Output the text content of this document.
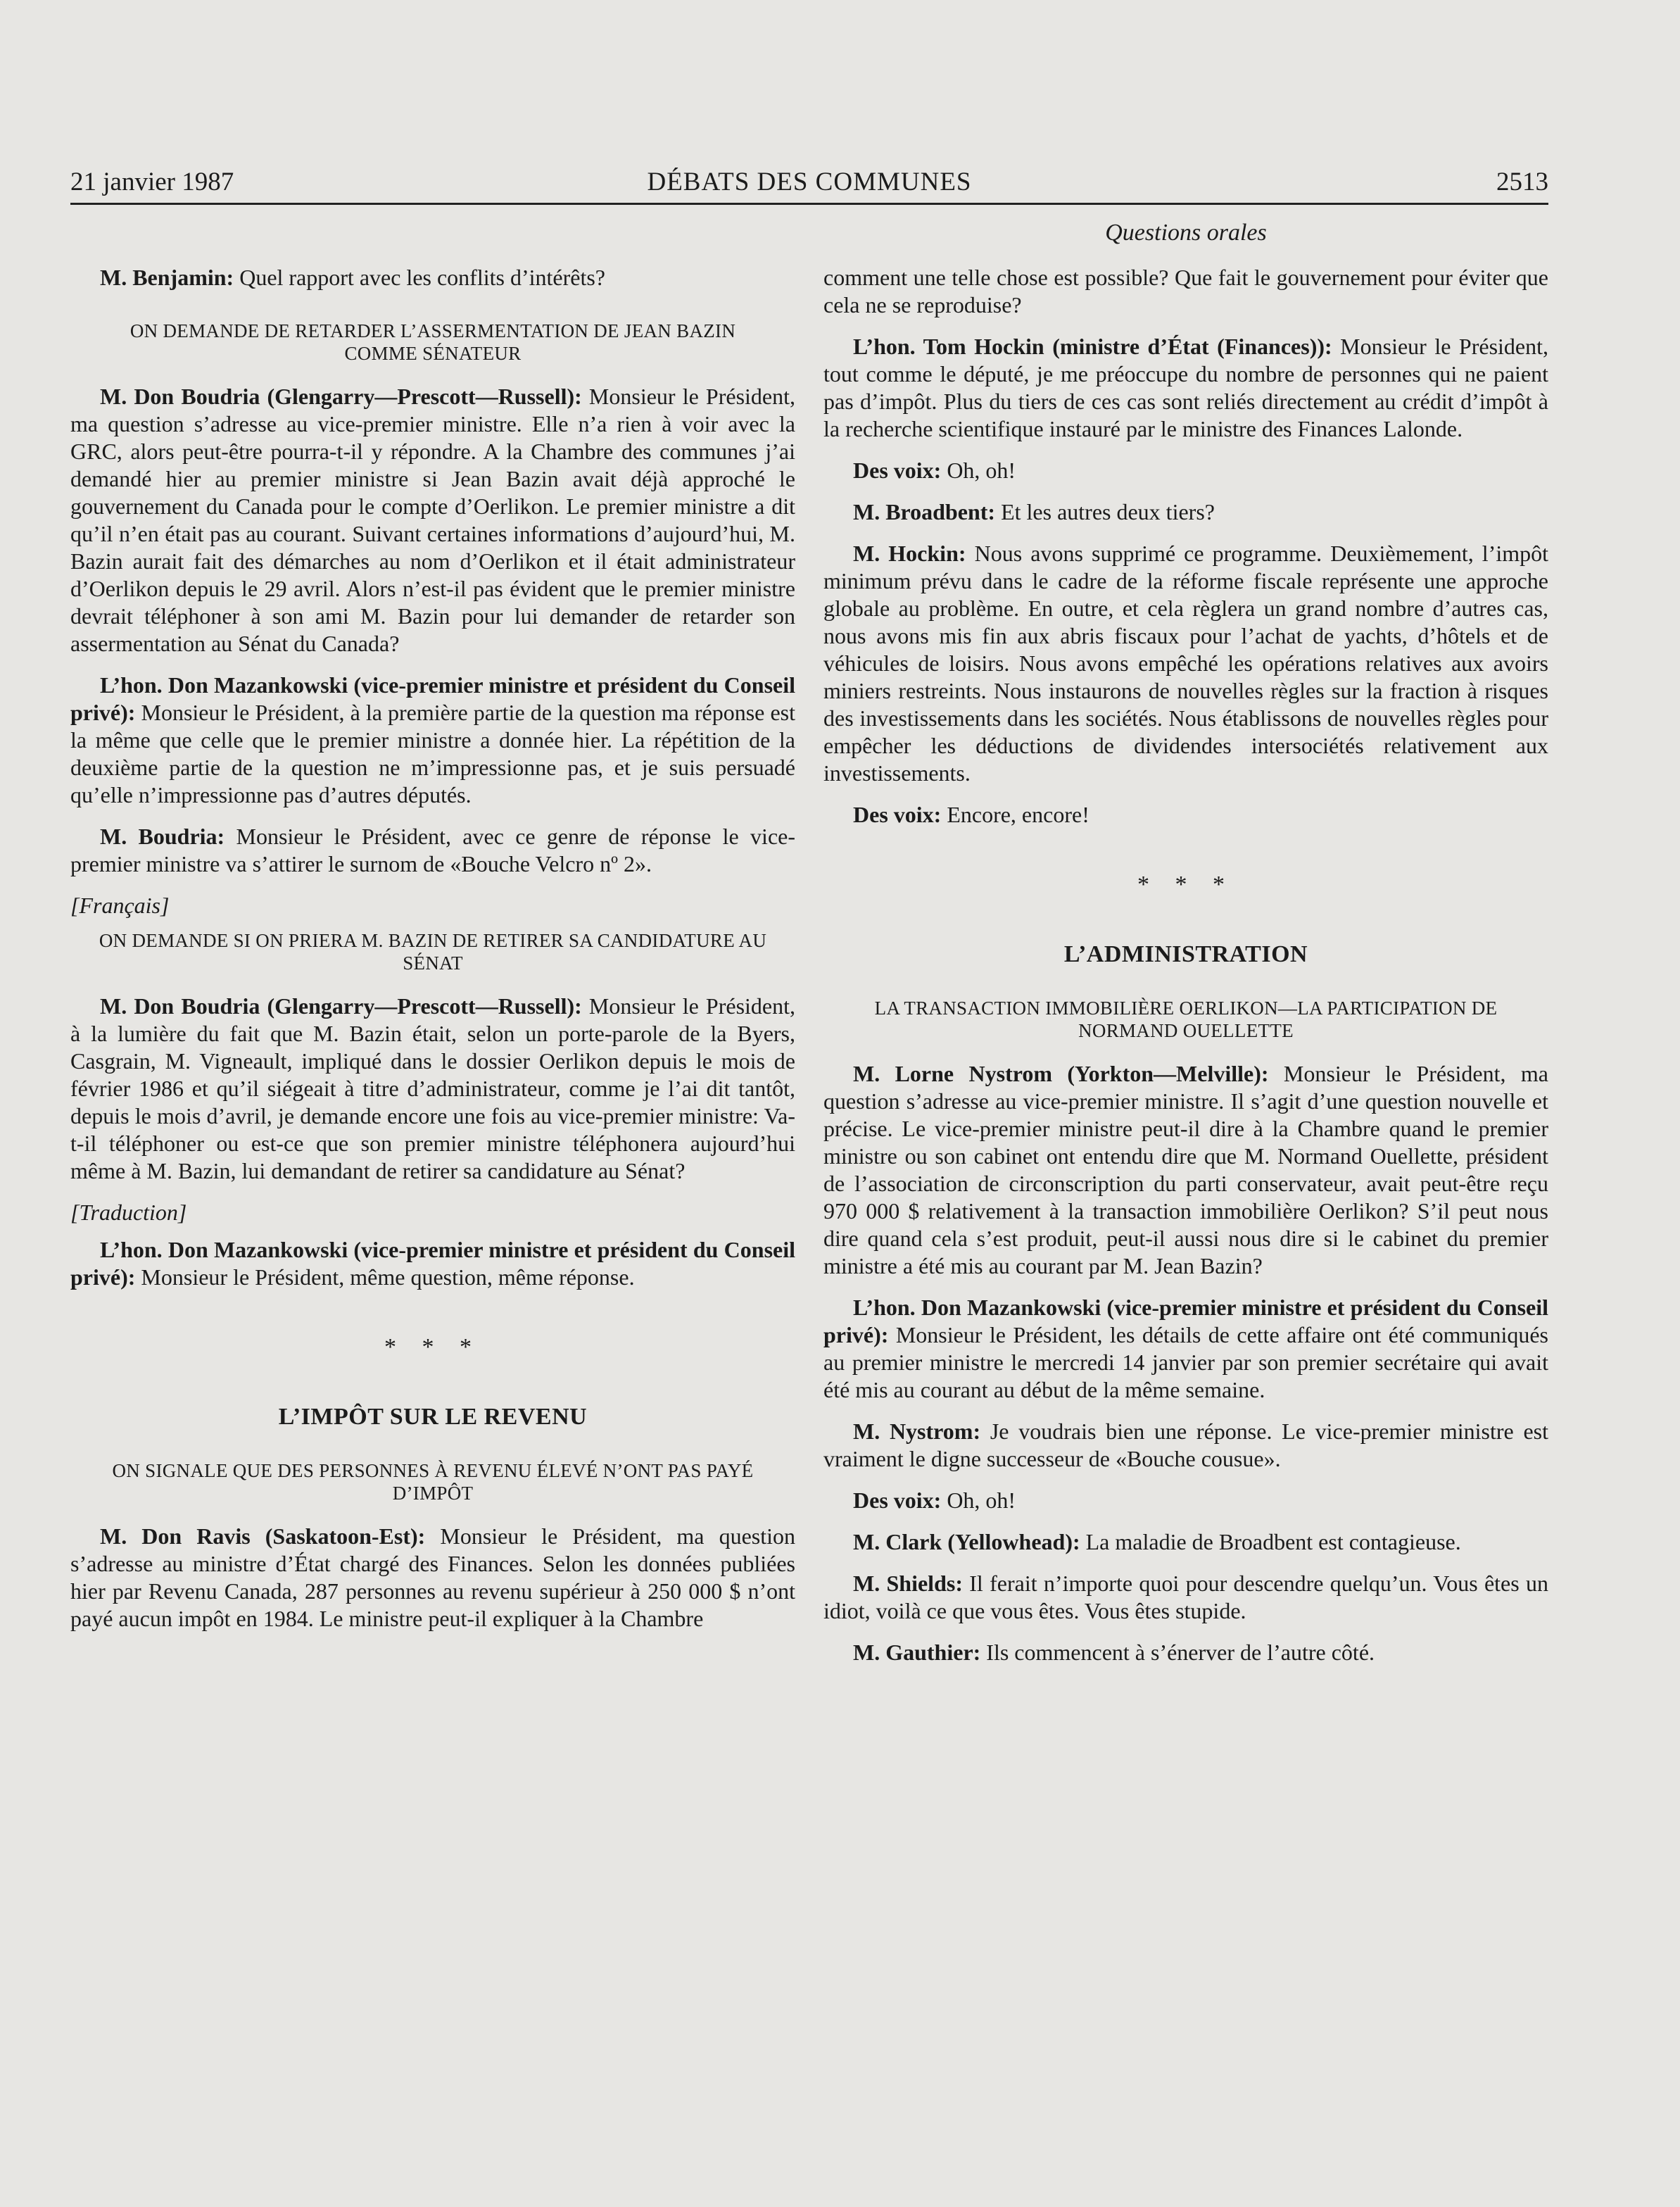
21 janvier 1987	DÉBATS DES COMMUNES	2513
Questions orales

M. Benjamin: Quel rapport avec les conflits d’intérêts?

ON DEMANDE DE RETARDER L’ASSERMENTATION DE JEAN BAZIN COMME SÉNATEUR

M. Don Boudria (Glengarry—Prescott—Russell): Monsieur le Président, ma question s’adresse au vice-premier ministre. Elle n’a rien à voir avec la GRC, alors peut-être pourra-t-il y répondre. A la Chambre des communes j’ai demandé hier au premier ministre si Jean Bazin avait déjà approché le gouvernement du Canada pour le compte d’Oerlikon. Le premier ministre a dit qu’il n’en était pas au courant. Suivant certaines informations d’aujourd’hui, M. Bazin aurait fait des démarches au nom d’Oerlikon et il était administrateur d’Oerlikon depuis le 29 avril. Alors n’est-il pas évident que le premier ministre devrait téléphoner à son ami M. Bazin pour lui demander de retarder son assermentation au Sénat du Canada?

L’hon. Don Mazankowski (vice-premier ministre et président du Conseil privé): Monsieur le Président, à la première partie de la question ma réponse est la même que celle que le premier ministre a donnée hier. La répétition de la deuxième partie de la question ne m’impressionne pas, et je suis persuadé qu’elle n’impressionne pas d’autres députés.

M. Boudria: Monsieur le Président, avec ce genre de réponse le vice-premier ministre va s’attirer le surnom de «Bouche Velcro nº 2».

[Français]
ON DEMANDE SI ON PRIERA M. BAZIN DE RETIRER SA CANDIDATURE AU SÉNAT

M. Don Boudria (Glengarry—Prescott—Russell): Monsieur le Président, à la lumière du fait que M. Bazin était, selon un porte-parole de la Byers, Casgrain, M. Vigneault, impliqué dans le dossier Oerlikon depuis le mois de février 1986 et qu’il siégeait à titre d’administrateur, comme je l’ai dit tantôt, depuis le mois d’avril, je demande encore une fois au vice-premier ministre: Va-t-il téléphoner ou est-ce que son premier ministre téléphonera aujourd’hui même à M. Bazin, lui demandant de retirer sa candidature au Sénat?

[Traduction]

L’hon. Don Mazankowski (vice-premier ministre et président du Conseil privé): Monsieur le Président, même question, même réponse.

* * *
L’IMPÔT SUR LE REVENU
ON SIGNALE QUE DES PERSONNES À REVENU ÉLEVÉ N’ONT PAS PAYÉ D’IMPÔT

M. Don Ravis (Saskatoon-Est): Monsieur le Président, ma question s’adresse au ministre d’État chargé des Finances. Selon les données publiées hier par Revenu Canada, 287 personnes au revenu supérieur à 250 000 $ n’ont payé aucun impôt en 1984. Le ministre peut-il expliquer à la Chambre

comment une telle chose est possible? Que fait le gouvernement pour éviter que cela ne se reproduise?

L’hon. Tom Hockin (ministre d’État (Finances)): Monsieur le Président, tout comme le député, je me préoccupe du nombre de personnes qui ne paient pas d’impôt. Plus du tiers de ces cas sont reliés directement au crédit d’impôt à la recherche scientifique instauré par le ministre des Finances Lalonde.

Des voix: Oh, oh!

M. Broadbent: Et les autres deux tiers?

M. Hockin: Nous avons supprimé ce programme. Deuxièmement, l’impôt minimum prévu dans le cadre de la réforme fiscale représente une approche globale au problème. En outre, et cela règlera un grand nombre d’autres cas, nous avons mis fin aux abris fiscaux pour l’achat de yachts, d’hôtels et de véhicules de loisirs. Nous avons empêché les opérations relatives aux avoirs miniers restreints. Nous instaurons de nouvelles règles sur la fraction à risques des investissements dans les sociétés. Nous établissons de nouvelles règles pour empêcher les déductions de dividendes intersociétés relativement aux investissements.

Des voix: Encore, encore!

* * *
L’ADMINISTRATION
LA TRANSACTION IMMOBILIÈRE OERLIKON—LA PARTICIPATION DE NORMAND OUELLETTE

M. Lorne Nystrom (Yorkton—Melville): Monsieur le Président, ma question s’adresse au vice-premier ministre. Il s’agit d’une question nouvelle et précise. Le vice-premier ministre peut-il dire à la Chambre quand le premier ministre ou son cabinet ont entendu dire que M. Normand Ouellette, président de l’association de circonscription du parti conservateur, avait peut-être reçu 970 000 $ relativement à la transaction immobilière Oerlikon? S’il peut nous dire quand cela s’est produit, peut-il aussi nous dire si le cabinet du premier ministre a été mis au courant par M. Jean Bazin?

L’hon. Don Mazankowski (vice-premier ministre et président du Conseil privé): Monsieur le Président, les détails de cette affaire ont été communiqués au premier ministre le mercredi 14 janvier par son premier secrétaire qui avait été mis au courant au début de la même semaine.

M. Nystrom: Je voudrais bien une réponse. Le vice-premier ministre est vraiment le digne successeur de «Bouche cousue».

Des voix: Oh, oh!

M. Clark (Yellowhead): La maladie de Broadbent est contagieuse.

M. Shields: Il ferait n’importe quoi pour descendre quelqu’un. Vous êtes un idiot, voilà ce que vous êtes. Vous êtes stupide.

M. Gauthier: Ils commencent à s’énerver de l’autre côté.
